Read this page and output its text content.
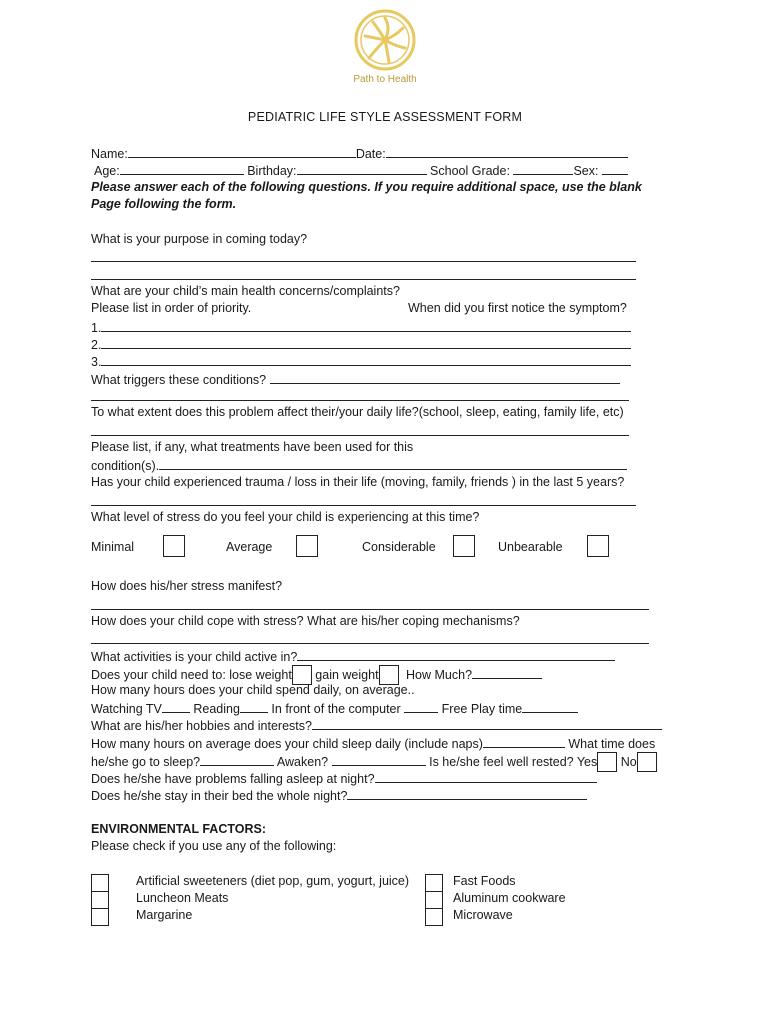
Path to Health
PEDIATRIC LIFE STYLE ASSESSMENT FORM
Name:	Date:
Age:	Birthday:	School Grade:	Sex:
Please answer each of the following questions. If you require additional space, use the blank
Page following the form.
What is your purpose in coming today?
What are your child’s main health concerns/complaints?
Please list in order of priority.	When did you first notice the symptom?
1.
2.
3.
What triggers these conditions?
To what extent does this problem affect their/your daily life?(school, sleep, eating, family life, etc)
Please list, if any, what treatments have been used for this
condition(s).
Has your child experienced trauma / loss in their life (moving, family, friends ) in the last 5 years?
What level of stress do you feel your child is experiencing at this time?
Minimal	Average	Considerable	Unbearable
How does his/her stress manifest?
How does your child cope with stress? What are his/her coping mechanisms?
What activities is your child active in?
Does your child need to: lose weight gain weight How Much?
How many hours does your child spend daily, on average..
Watching TV	Reading	In front of the computer	Free Play time
What are his/her hobbies and interests?
How many hours on average does your child sleep daily (include naps)	What time does
he/she go to sleep?	Awaken?	Is he/she feel well rested? Yes No
Does he/she have problems falling asleep at night?
Does he/she stay in their bed the whole night?
ENVIRONMENTAL FACTORS:
Please check if you use any of the following:
Artificial sweeteners (diet pop, gum, yogurt, juice)
Luncheon Meats
Margarine
Fast Foods
Aluminum cookware
Microwave
